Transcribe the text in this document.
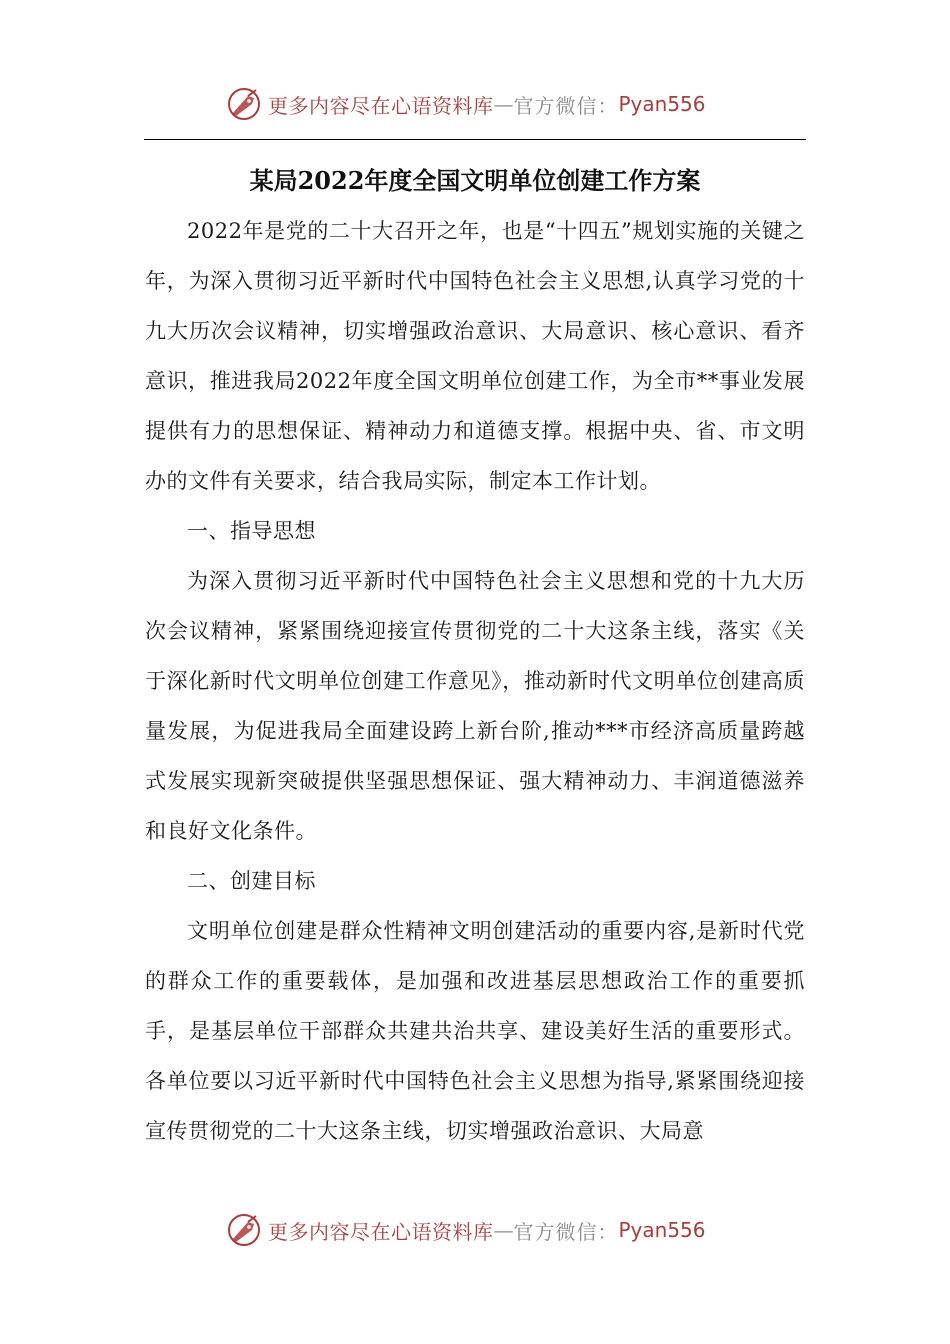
更多内容尽在心语资料库 — 官方微信： Pyan556
某局2022年度全国文明单位创建工作方案

2022年是党的二十大召开之年，也是“十四五”规划实施的关键之年，为深入贯彻习近平新时代中国特色社会主义思想,认真学习党的十九大历次会议精神，切实增强政治意识、大局意识、核心意识、看齐意识，推进我局2022年度全国文明单位创建工作，为全市**事业发展提供有力的思想保证、精神动力和道德支撑。根据中央、省、市文明办的文件有关要求，结合我局实际，制定本工作计划。

一、指导思想

为深入贯彻习近平新时代中国特色社会主义思想和党的十九大历次会议精神，紧紧围绕迎接宣传贯彻党的二十大这条主线，落实《关于深化新时代文明单位创建工作意见》，推动新时代文明单位创建高质量发展，为促进我局全面建设跨上新台阶,推动***市经济高质量跨越式发展实现新突破提供坚强思想保证、强大精神动力、丰润道德滋养和良好文化条件。

二、创建目标

文明单位创建是群众性精神文明创建活动的重要内容,是新时代党的群众工作的重要载体，是加强和改进基层思想政治工作的重要抓手，是基层单位干部群众共建共治共享、建设美好生活的重要形式。各单位要以习近平新时代中国特色社会主义思想为指导,紧紧围绕迎接宣传贯彻党的二十大这条主线，切实增强政治意识、大局意

更多内容尽在心语资料库 — 官方微信： Pyan556
